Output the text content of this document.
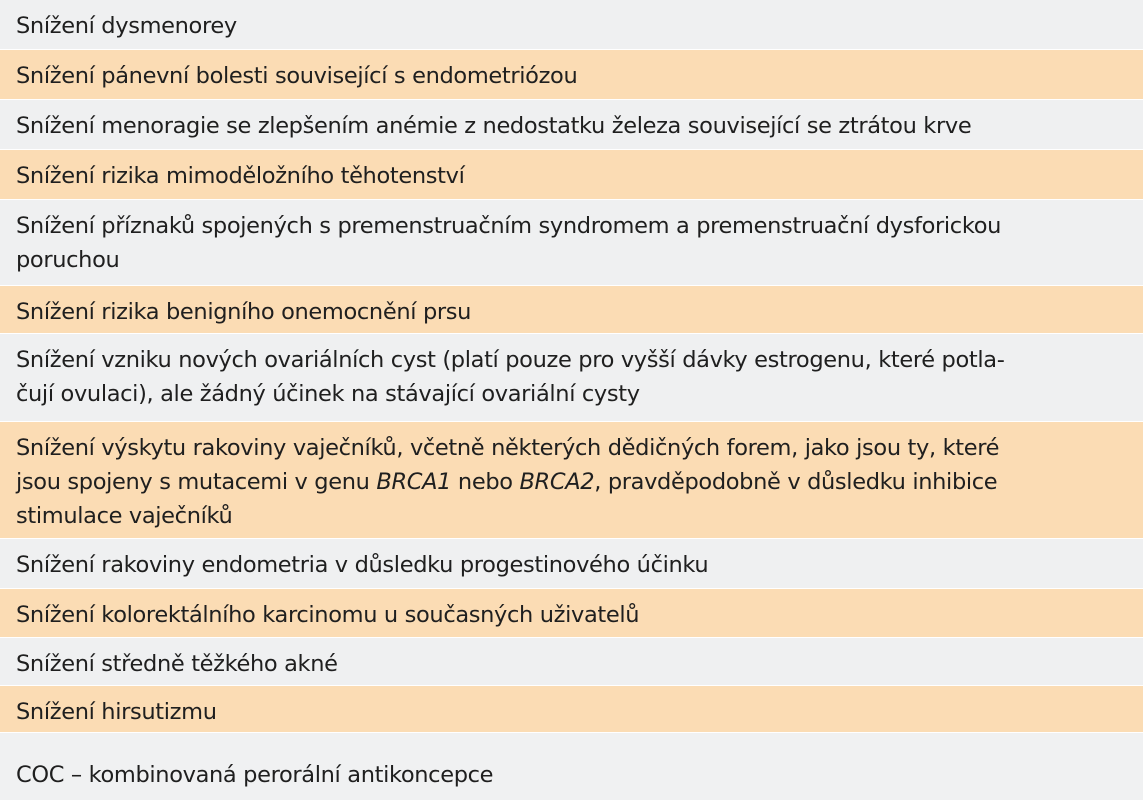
Snížení dysmenorey
Snížení pánevní bolesti související s endometriózou
Snížení menoragie se zlepšením anémie z nedostatku železa související se ztrátou krve
Snížení rizika mimoděložního těhotenství
Snížení příznaků spojených s premenstruačním syndromem a premenstruační dysforickou
poruchou
Snížení rizika benigního onemocnění prsu
Snížení vzniku nových ovariálních cyst (platí pouze pro vyšší dávky estrogenu, které potla-
čují ovulaci), ale žádný účinek na stávající ovariální cysty
Snížení výskytu rakoviny vaječníků, včetně některých dědičných forem, jako jsou ty, které
jsou spojeny s mutacemi v genu BRCA1 nebo BRCA2, pravděpodobně v důsledku inhibice
stimulace vaječníků
Snížení rakoviny endometria v důsledku progestinového účinku
Snížení kolorektálního karcinomu u současných uživatelů
Snížení středně těžkého akné
Snížení hirsutizmu
COC – kombinovaná perorální antikoncepce
